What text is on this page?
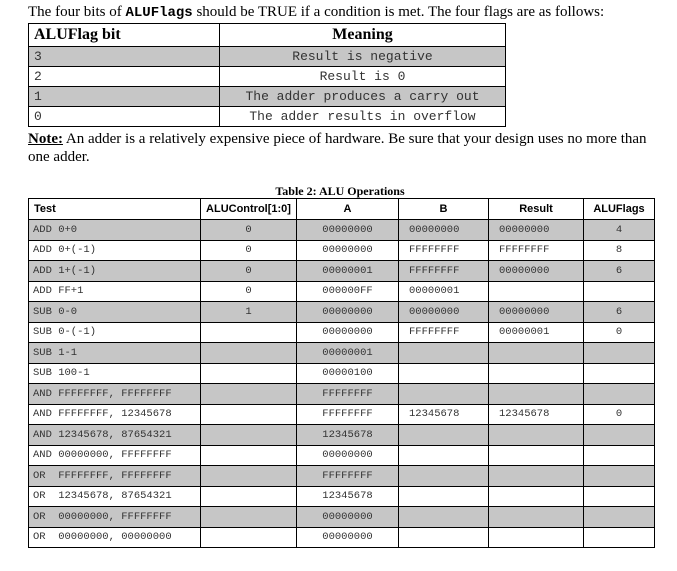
The four bits of ALUFlags should be TRUE if a condition is met. The four flags are as follows:
ALUFlag bit	Meaning
3	Result is negative
2	Result is 0
1	The adder produces a carry out
0	The adder results in overflow
Note: An adder is a relatively expensive piece of hardware. Be sure that your design uses no more than one adder.
Table 2: ALU Operations
Test	ALUControl[1:0]	A	B	Result	ALUFlags
ADD 0+0	0	00000000	00000000	00000000	4
ADD 0+(-1)	0	00000000	FFFFFFFF	FFFFFFFF	8
ADD 1+(-1)	0	00000001	FFFFFFFF	00000000	6
ADD FF+1	0	000000FF	00000001		
SUB 0-0	1	00000000	00000000	00000000	6
SUB 0-(-1)		00000000	FFFFFFFF	00000001	0
SUB 1-1		00000001			
SUB 100-1		00000100			
AND FFFFFFFF, FFFFFFFF		FFFFFFFF			
AND FFFFFFFF, 12345678		FFFFFFFF	12345678	12345678	0
AND 12345678, 87654321		12345678			
AND 00000000, FFFFFFFF		00000000			
OR  FFFFFFFF, FFFFFFFF		FFFFFFFF			
OR  12345678, 87654321		12345678			
OR  00000000, FFFFFFFF		00000000			
OR  00000000, 00000000		00000000			
